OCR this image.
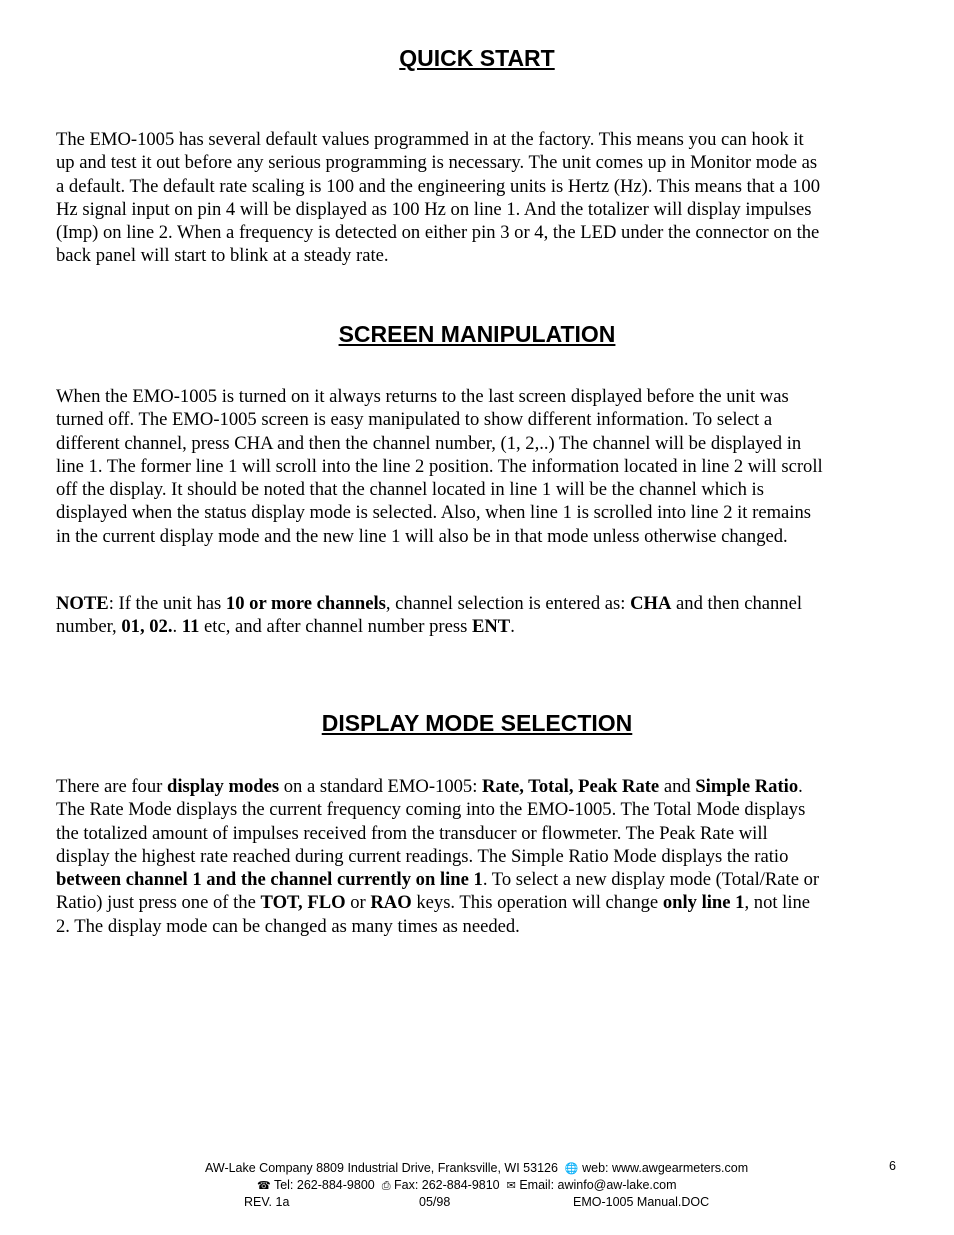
QUICK START
The EMO-1005 has several default values programmed in at the factory. This means you can hook it
up and test it out before any serious programming is necessary. The unit comes up in Monitor mode as
a default. The default rate scaling is 100 and the engineering units is Hertz (Hz). This means that a 100
Hz signal input on pin 4 will be displayed as 100 Hz on line 1. And the totalizer will display impulses
(Imp) on line 2. When a frequency is detected on either pin 3 or 4, the LED under the connector on the
back panel will start to blink at a steady rate.
SCREEN MANIPULATION
When the EMO-1005 is turned on it always returns to the last screen displayed before the unit was
turned off. The EMO-1005 screen is easy manipulated to show different information. To select a
different channel, press CHA and then the channel number, (1, 2,..) The channel will be displayed in
line 1. The former line 1 will scroll into the line 2 position. The information located in line 2 will scroll
off the display. It should be noted that the channel located in line 1 will be the channel which is
displayed when the status display mode is selected. Also, when line 1 is scrolled into line 2 it remains
in the current display mode and the new line 1 will also be in that mode unless otherwise changed.
NOTE: If the unit has 10 or more channels, channel selection is entered as: CHA and then channel
number, 01, 02.. 11 etc, and after channel number press ENT.
DISPLAY MODE SELECTION
There are four display modes on a standard EMO-1005: Rate, Total, Peak Rate and Simple Ratio.
The Rate Mode displays the current frequency coming into the EMO-1005. The Total Mode displays
the totalized amount of impulses received from the transducer or flowmeter. The Peak Rate will
display the highest rate reached during current readings. The Simple Ratio Mode displays the ratio
between channel 1 and the channel currently on line 1. To select a new display mode (Total/Rate or
Ratio) just press one of the TOT, FLO or RAO keys. This operation will change only line 1, not line
2. The display mode can be changed as many times as needed.
AW-Lake Company 8809 Industrial Drive, Franksville, WI 53126  🌐 web: www.awgearmeters.com
☎ Tel: 262-884-9800  ⎙ Fax: 262-884-9810  ✉ Email: awinfo@aw-lake.com
REV. 1a	05/98	EMO-1005 Manual.DOC
6
